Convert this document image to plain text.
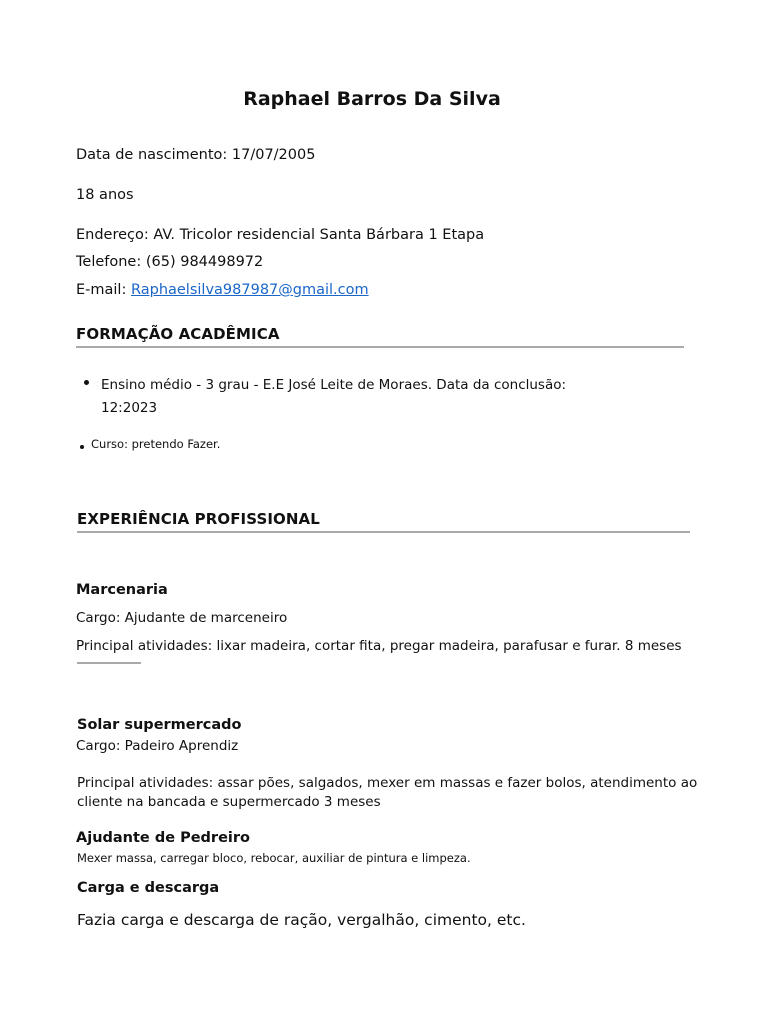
Raphael Barros Da Silva
Data de nascimento: 17/07/2005
18 anos
Endereço: AV. Tricolor residencial Santa Bárbara 1 Etapa
Telefone: (65) 984498972
E-mail: Raphaelsilva987987@gmail.com
FORMAÇÃO ACADÊMICA
Ensino médio - 3 grau - E.E José Leite de Moraes. Data da conclusão:
12:2023
Curso: pretendo Fazer.
EXPERIÊNCIA PROFISSIONAL
Marcenaria
Cargo: Ajudante de marceneiro
Principal atividades: lixar madeira, cortar fita, pregar madeira, parafusar e furar. 8 meses
Solar supermercado
Cargo: Padeiro Aprendiz
Principal atividades: assar pões, salgados, mexer em massas e fazer bolos, atendimento ao
cliente na bancada e supermercado 3 meses
Ajudante de Pedreiro
Mexer massa, carregar bloco, rebocar, auxiliar de pintura e limpeza.
Carga e descarga
Fazia carga e descarga de ração, vergalhão, cimento, etc.
